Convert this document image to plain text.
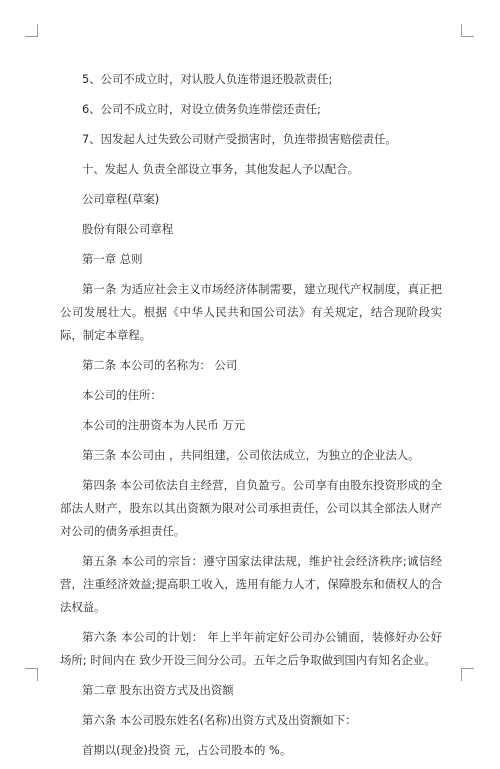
5、公司不成立时，对认股人负连带退还股款责任;

6、公司不成立时，对设立债务负连带偿还责任;

7、因发起人过失致公司财产受损害时，负连带损害赔偿责任。

十、发起人 负责全部设立事务，其他发起人予以配合。

公司章程(草案)

股份有限公司章程

第一章 总则

第一条 为适应社会主义市场经济体制需要，建立现代产权制度，真正把公司发展壮大。根据《中华人民共和国公司法》有关规定，结合现阶段实际，制定本章程。

第二条 本公司的名称为： 公司

本公司的住所：

本公司的注册资本为人民币 万元

第三条 本公司由 ，共同组建，公司依法成立，为独立的企业法人。

第四条 本公司依法自主经营，自负盈亏。公司享有由股东投资形成的全部法人财产，股东以其出资额为限对公司承担责任，公司以其全部法人财产对公司的债务承担责任。

第五条 本公司的宗旨：遵守国家法律法规，维护社会经济秩序;诚信经营，注重经济效益;提高职工收入，选用有能力人才，保障股东和债权人的合法权益。

第六条 本公司的计划： 年上半年前定好公司办公铺面，装修好办公好场所; 时间内在 致少开设三间分公司。五年之后争取做到国内有知名企业。

第二章 股东出资方式及出资额

第六条 本公司股东姓名(名称)出资方式及出资额如下：

首期以(现金)投资 元，占公司股本的 %。
